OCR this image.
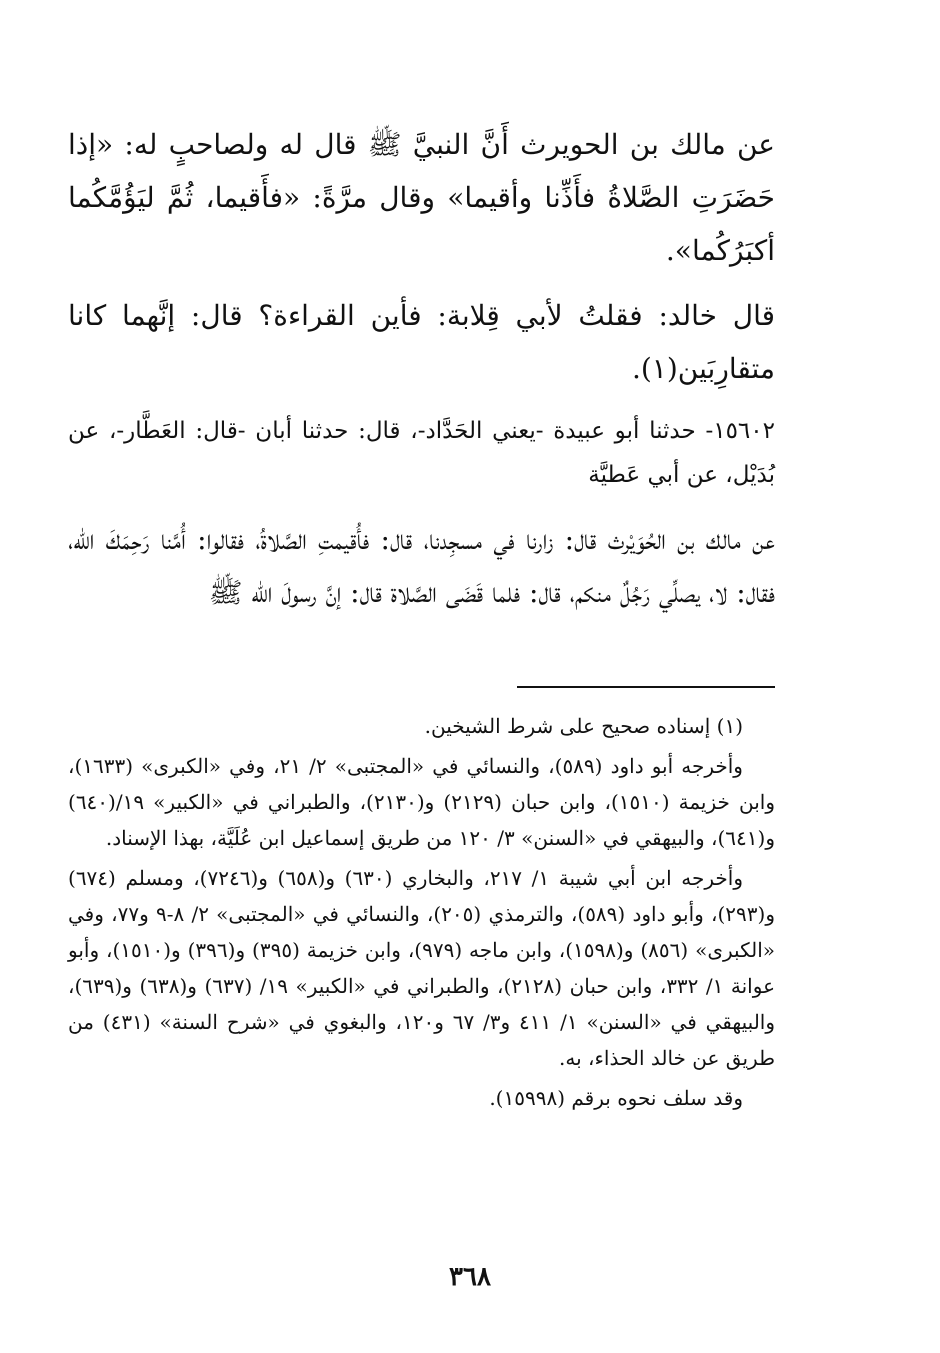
عن مالك بن الحويرث أَنَّ النبيَّ ﷺ قال له ولصاحبٍ له: «إذا حَضَرَتِ الصَّلاةُ فأَذِّنا وأقيما» وقال مرَّةً: «فأَقيما، ثُمَّ ليَؤُمَّكُما أكبَرُكُما».

قال خالد: فقلتُ لأبي قِلابة: فأين القراءة؟ قال: إنَّهما كانا متقارِبَين(١).

١٥٦٠٢- حدثنا أبو عبيدة -يعني الحَدَّاد-، قال: حدثنا أبان -قال: العَطَّار-، عن بُدَيْل، عن أبي عَطيَّة

عن مالك بن الحُوَيْرث قال: زارنا في مسجِدنا، قال: فأُقيمتِ الصَّلاةُ، فقالوا: أُمَّنا رَحِمَكَ الله، فقال: لا، يصلِّي رَجُلٌ منكم، قال: فلما قَضَى الصَّلاة قال: إنَّ رسولَ الله ﷺ

(١) إسناده صحيح على شرط الشيخين.

وأخرجه أبو داود (٥٨٩)، والنسائي في «المجتبى» ٢/ ٢١، وفي «الكبرى» (١٦٣٣)، وابن خزيمة (١٥١٠)، وابن حبان (٢١٢٩) و(٢١٣٠)، والطبراني في «الكبير» ١٩/(٦٤٠) و(٦٤١)، والبيهقي في «السنن» ٣/ ١٢٠ من طريق إسماعيل ابن عُلَيَّة، بهذا الإسناد.

وأخرجه ابن أبي شيبة ١/ ٢١٧، والبخاري (٦٣٠) و(٦٥٨) و(٧٢٤٦)، ومسلم (٦٧٤) و(٢٩٣)، وأبو داود (٥٨٩)، والترمذي (٢٠٥)، والنسائي في «المجتبى» ٢/ ٨-٩ و٧٧، وفي «الكبرى» (٨٥٦) و(١٥٩٨)، وابن ماجه (٩٧٩)، وابن خزيمة (٣٩٥) و(٣٩٦) و(١٥١٠)، وأبو عوانة ١/ ٣٣٢، وابن حبان (٢١٢٨)، والطبراني في «الكبير» ١٩/ (٦٣٧) و(٦٣٨) و(٦٣٩)، والبيهقي في «السنن» ١/ ٤١١ و٣/ ٦٧ و١٢٠، والبغوي في «شرح السنة» (٤٣١) من طريق عن خالد الحذاء، به.

وقد سلف نحوه برقم (١٥٩٩٨).

٣٦٨
